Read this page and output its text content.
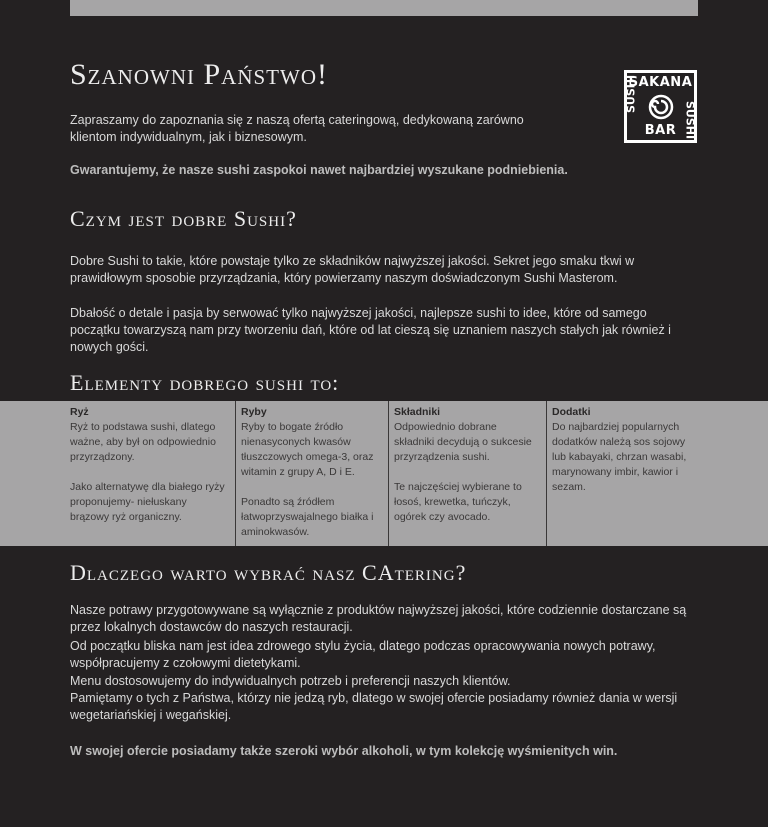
Szanowni Państwo!	SAKANA
SUSHI
SUSHI
BAR

Zapraszamy do zapoznania się z naszą ofertą cateringową, dedykowaną zarówno klientom indywidualnym, jak i biznesowym.

Gwarantujemy, że nasze sushi zaspokoi nawet najbardziej wyszukane podniebienia.

Czym jest dobre Sushi?

Dobre Sushi to takie, które powstaje tylko ze składników najwyższej jakości. Sekret jego smaku tkwi w prawidłowym sposobie przyrządzania, który powierzamy naszym doświadczonym Sushi Masterom.

Dbałość o detale i pasja by serwować tylko najwyższej jakości, najlepsze sushi to idee, które od samego początku towarzyszą nam przy tworzeniu dań, które od lat cieszą się uznaniem naszych stałych jak również i nowych gości.

Elementy dobrego sushi to:
Ryż
Ryż to podstawa sushi, dlatego ważne, aby był on odpowiednio przyrządzony.
Jako alternatywę dla białego ryży proponujemy- niełuskany brązowy ryż organiczny.
Ryby
Ryby to bogate źródło nienasyconych kwasów tłuszczowych omega-3, oraz witamin z grupy A, D i E.
Ponadto są źródłem łatwoprzyswajalnego białka i aminokwasów.
Składniki
Odpowiednio dobrane składniki decydują o sukcesie przyrządzenia sushi.
Te najczęściej wybierane to łosoś, krewetka, tuńczyk, ogórek czy avocado.
Dodatki
Do najbardziej popularnych dodatków należą sos sojowy lub kabayaki, chrzan wasabi, marynowany imbir, kawior i sezam.
Dlaczego warto wybrać nasz CAtering?

Nasze potrawy przygotowywane są wyłącznie z produktów najwyższej jakości, które codziennie dostarczane są przez lokalnych dostawców do naszych restauracji.

Od początku bliska nam jest idea zdrowego stylu życia, dlatego podczas opracowywania nowych potrawy, współpracujemy z czołowymi dietetykami.

Menu dostosowujemy do indywidualnych potrzeb i preferencji naszych klientów.

Pamiętamy o tych z Państwa, którzy nie jedzą ryb, dlatego w swojej ofercie posiadamy również dania w wersji wegetariańskiej i wegańskiej.

W swojej ofercie posiadamy także szeroki wybór alkoholi, w tym kolekcję wyśmienitych win.
